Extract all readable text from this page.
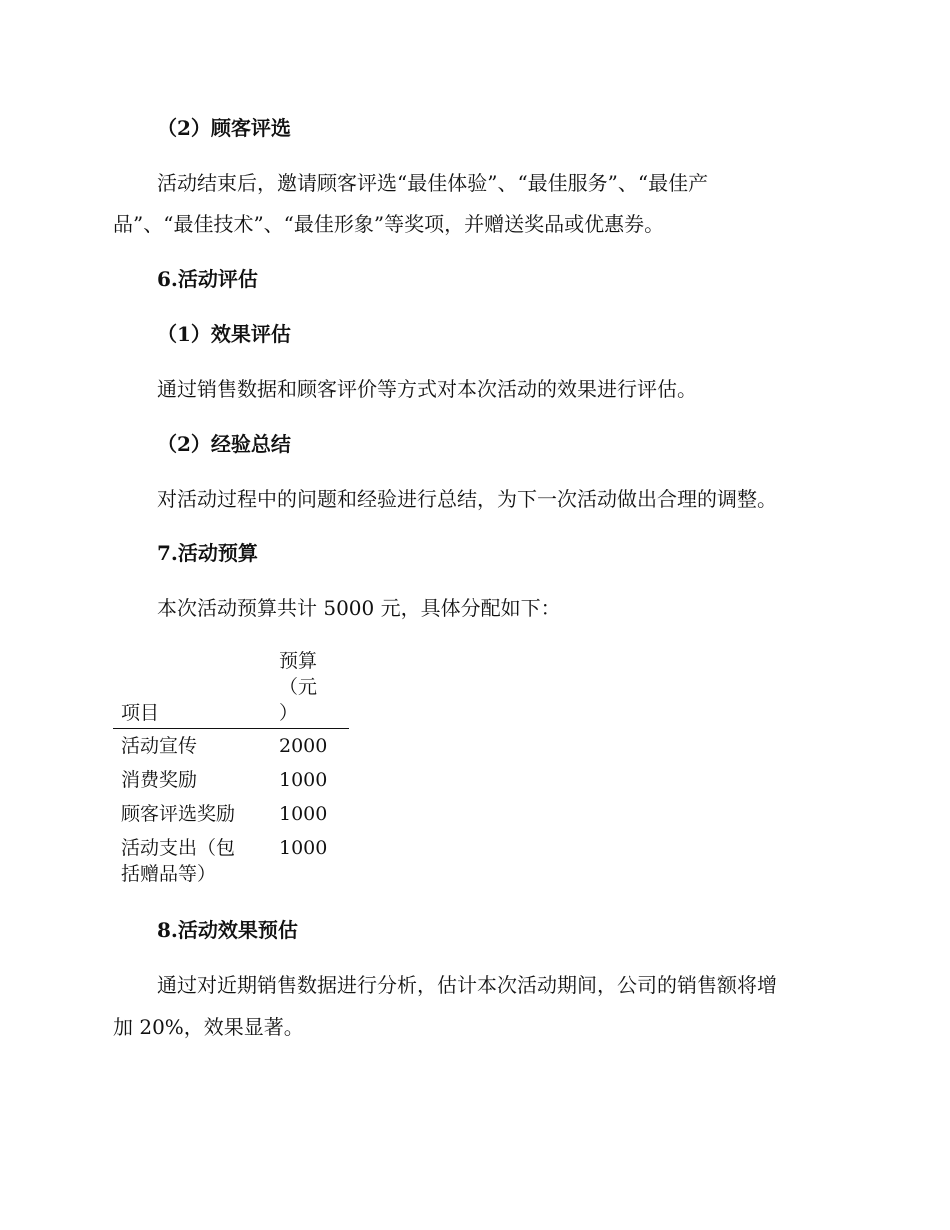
（2）顾客评选
活动结束后，邀请顾客评选“最佳体验”、“最佳服务”、“最佳产
品”、“最佳技术”、“最佳形象”等奖项，并赠送奖品或优惠券。
6.活动评估
（1）效果评估
通过销售数据和顾客评价等方式对本次活动的效果进行评估。
（2）经验总结
对活动过程中的问题和经验进行总结，为下一次活动做出合理的调整。
7.活动预算
本次活动预算共计 5000 元，具体分配如下：
项目	预算
（元
）

活动宣传	2000
消费奖励	1000
顾客评选奖励	1000

活动支出（包
括赠品等）	1000
8.活动效果预估
通过对近期销售数据进行分析，估计本次活动期间，公司的销售额将增
加 20%，效果显著。
